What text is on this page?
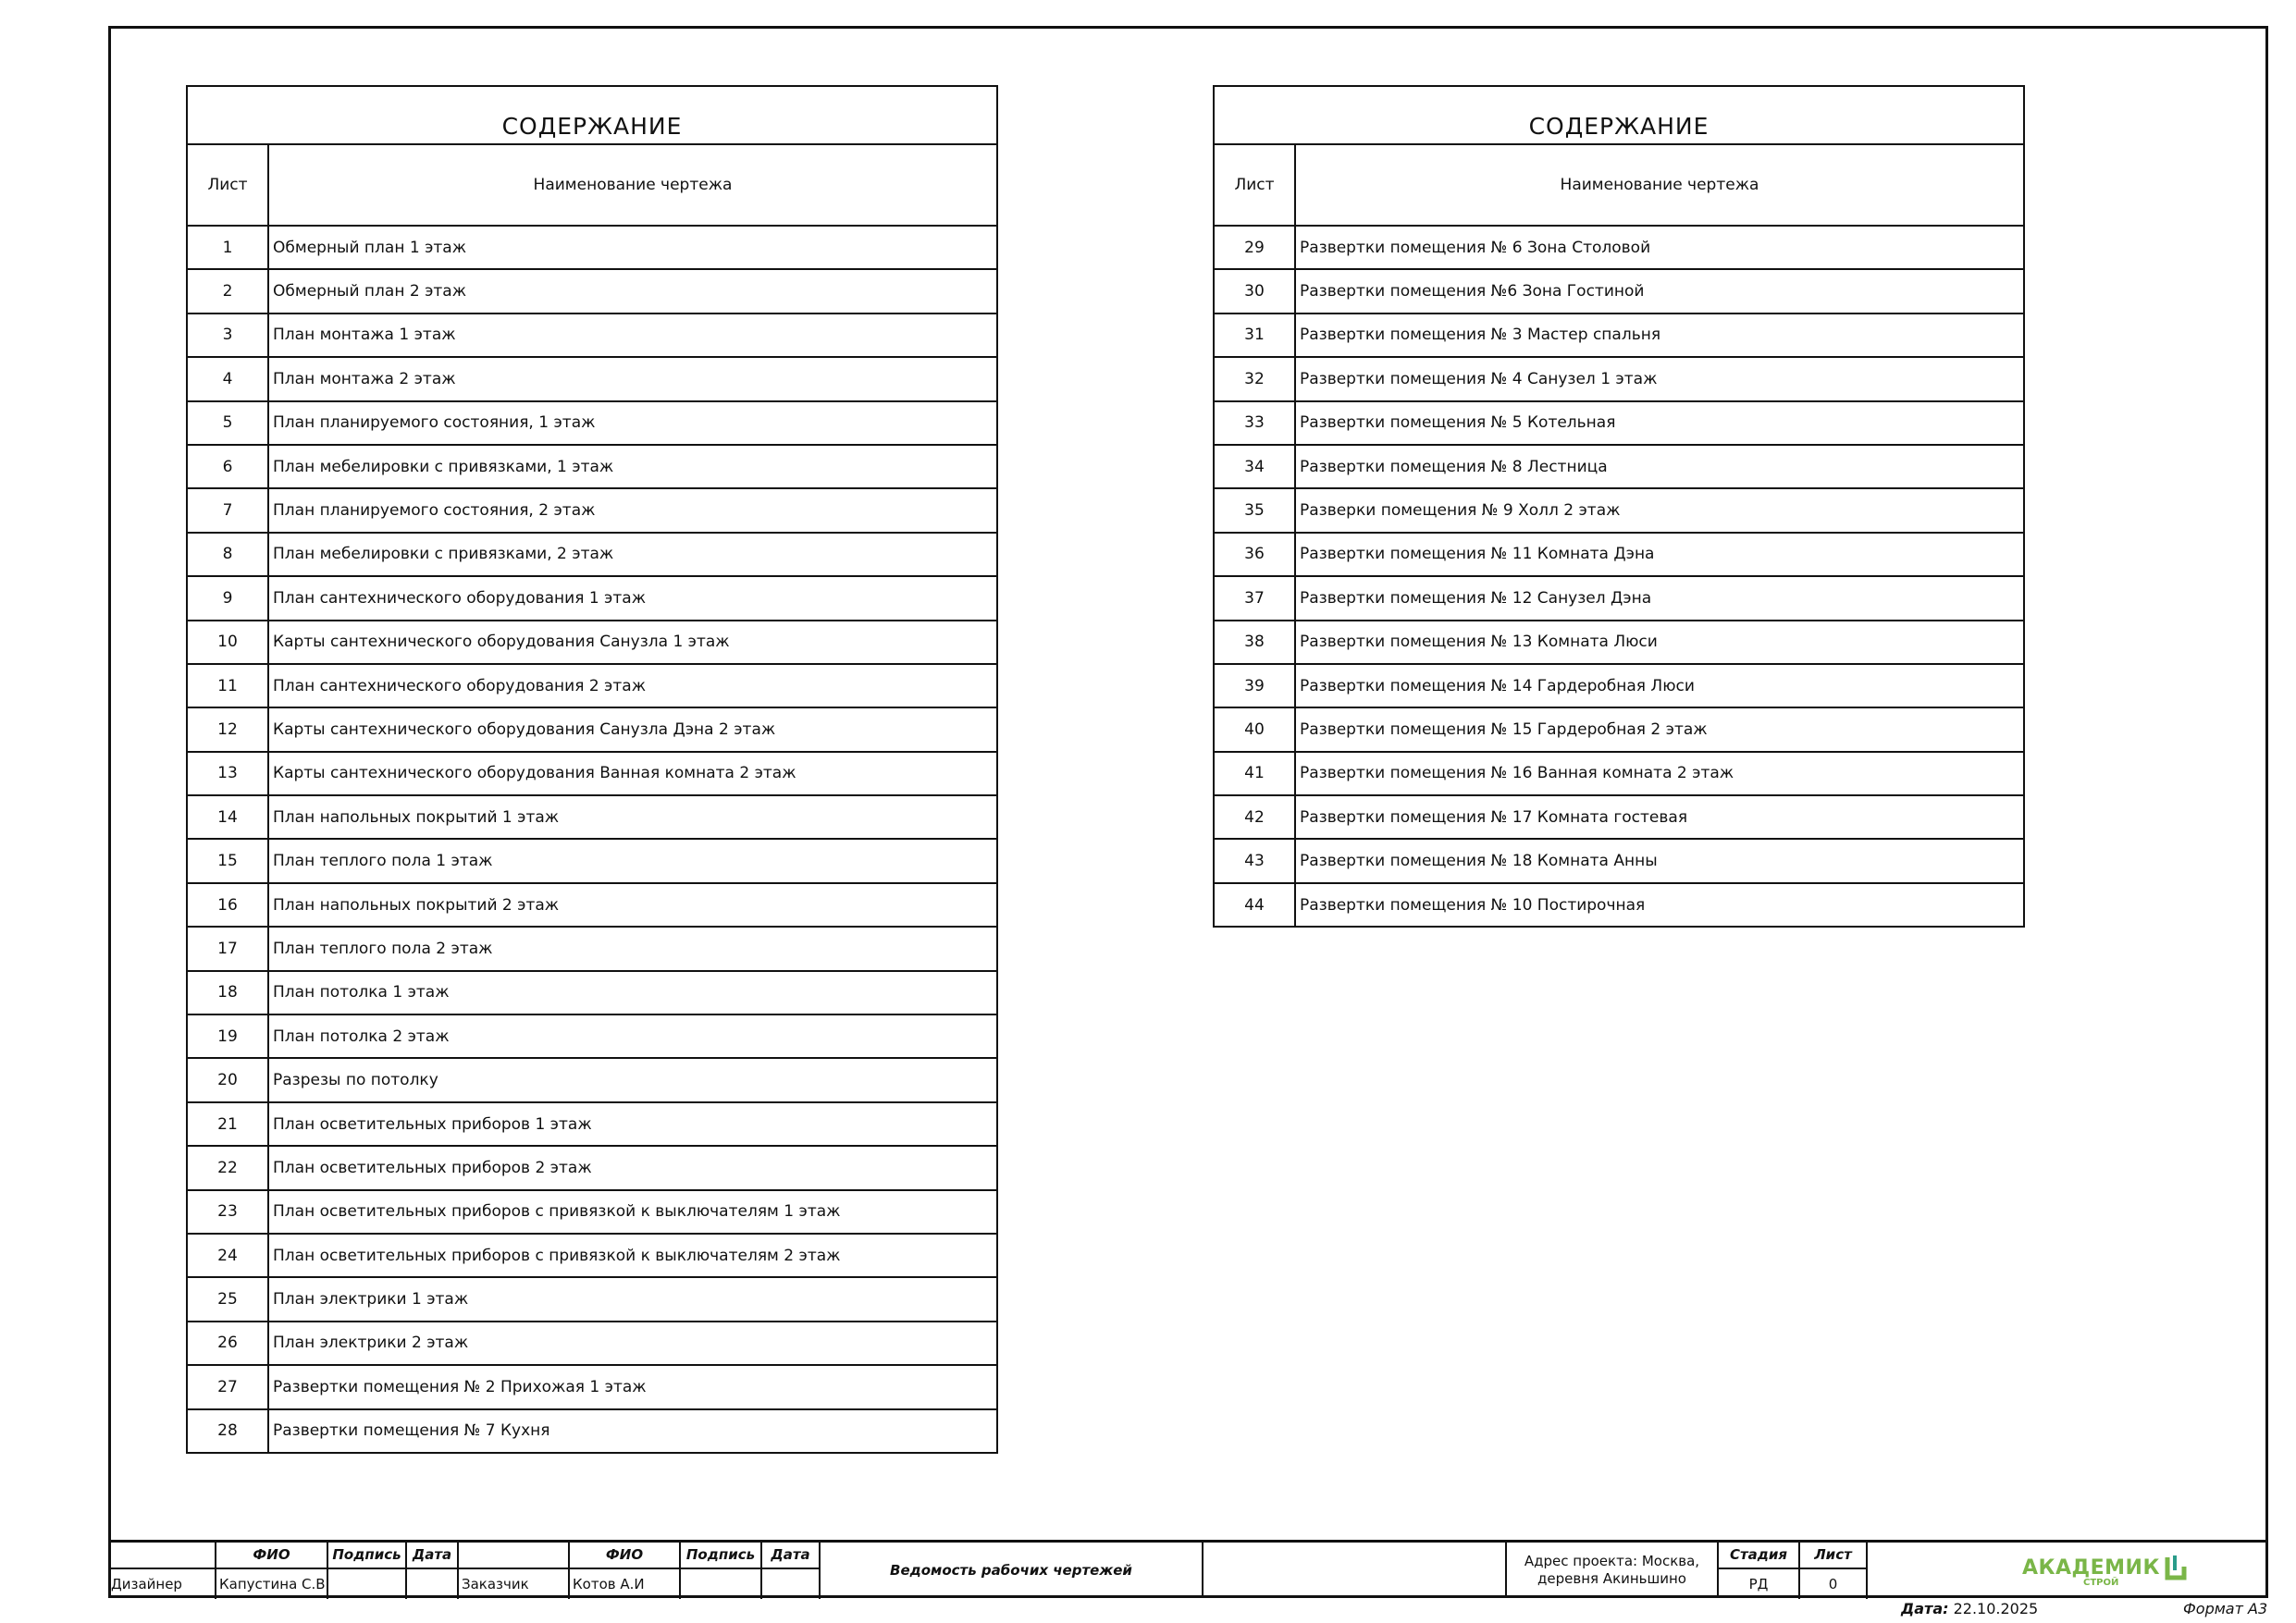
СОДЕРЖАНИЕ	
Лист	Наименование чертежа
1	Обмерный план 1 этаж
2	Обмерный план 2 этаж
3	План монтажа 1 этаж
4	План монтажа 2 этаж
5	План планируемого состояния, 1 этаж
6	План мебелировки с привязками, 1 этаж
7	План планируемого состояния, 2 этаж
8	План мебелировки с привязками, 2 этаж
9	План сантехнического оборудования 1 этаж
10	Карты сантехнического оборудования Санузла 1 этаж
11	План сантехнического оборудования 2 этаж
12	Карты сантехнического оборудования Санузла Дэна 2 этаж
13	Карты сантехнического оборудования Ванная комната 2 этаж
14	План напольных покрытий 1 этаж
15	План теплого пола 1 этаж
16	План напольных покрытий 2 этаж
17	План теплого пола 2 этаж
18	План потолка 1 этаж
19	План потолка 2 этаж
20	Разрезы по потолку
21	План осветительных приборов 1 этаж
22	План осветительных приборов 2 этаж
23	План осветительных приборов с привязкой к выключателям 1 этаж
24	План осветительных приборов с привязкой к выключателям 2 этаж
25	План электрики 1 этаж
26	План электрики 2 этаж
27	Развертки помещения № 2 Прихожая 1 этаж
28	Развертки помещения № 7 Кухня
СОДЕРЖАНИЕ	
Лист	Наименование чертежа
29	Развертки помещения № 6 Зона Столовой
30	Развертки помещения №6 Зона Гостиной
31	Развертки помещения № 3 Мастер спальня
32	Развертки помещения № 4 Санузел 1 этаж
33	Развертки помещения № 5 Котельная
34	Развертки помещения № 8 Лестница
35	Разверки помещения № 9 Холл 2 этаж
36	Развертки помещения № 11 Комната Дэна
37	Развертки помещения № 12 Санузел Дэна
38	Развертки помещения № 13 Комната Люси
39	Развертки помещения № 14 Гардеробная Люси
40	Развертки помещения № 15 Гардеробная 2 этаж
41	Развертки помещения № 16 Ванная комната 2 этаж
42	Развертки помещения № 17 Комната гостевая
43	Развертки помещения № 18 Комната Анны
44	Развертки помещения № 10 Постирочная
ФИО	Подпись Дата
Дизайнер	Капустина С.В.
ФИО	Подпись	Дата
Заказчик	Котов А.И
Ведомость рабочих чертежей
Адрес проекта: Москва,
деревня Акиньшино
Стадия	Лист
РД	0
АКАДЕМИК
СТРОЙ
Дата: 22.10.2025	Формат А3
